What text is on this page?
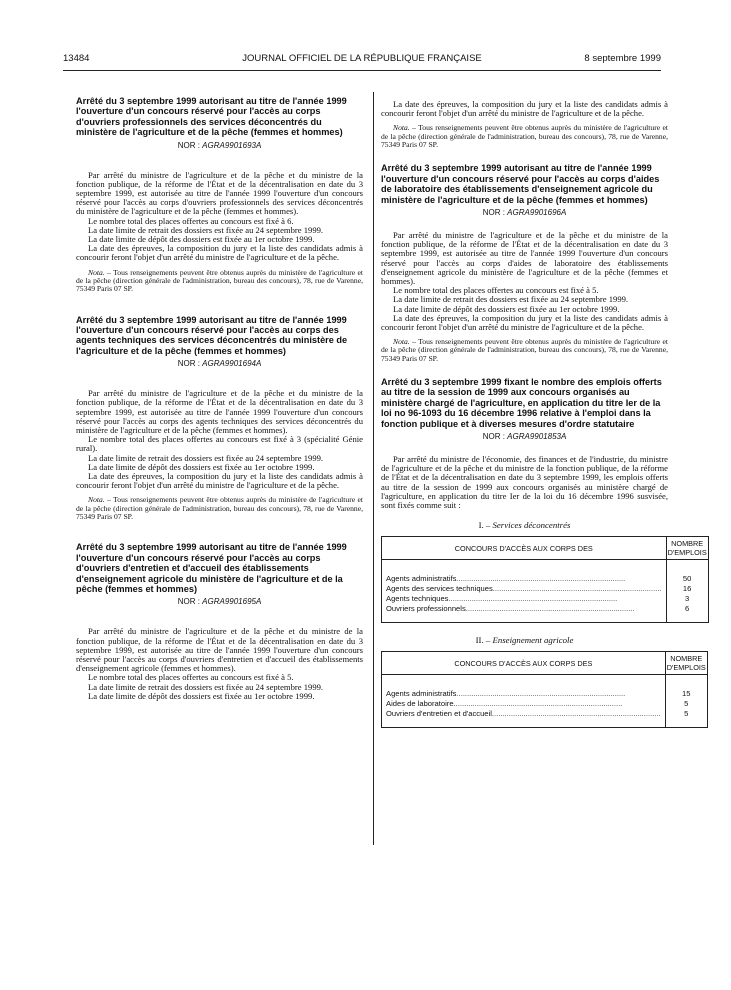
13484	JOURNAL OFFICIEL DE LA RÉPUBLIQUE FRANÇAISE	8 septembre 1999

Arrêté du 3 septembre 1999 autorisant au titre de l'année 1999 l'ouverture d'un concours réservé pour l'accès au corps d'ouvriers professionnels des services déconcentrés du ministère de l'agriculture et de la pêche (femmes et hommes)

NOR : AGRA9901693A

Par arrêté du ministre de l'agriculture et de la pêche et du ministre de la fonction publique, de la réforme de l'État et de la décentralisation en date du 3 septembre 1999, est autorisée au titre de l'année 1999 l'ouverture d'un concours réservé pour l'accès au corps d'ouvriers professionnels des services déconcentrés du ministère de l'agriculture et de la pêche (femmes et hommes).

Le nombre total des places offertes au concours est fixé à 6.

La date limite de retrait des dossiers est fixée au 24 septembre 1999.

La date limite de dépôt des dossiers est fixée au 1er octobre 1999.

La date des épreuves, la composition du jury et la liste des candidats admis à concourir feront l'objet d'un arrêté du ministre de l'agriculture et de la pêche.

Nota. – Tous renseignements peuvent être obtenus auprès du ministère de l'agriculture et de la pêche (direction générale de l'administration, bureau des concours), 78, rue de Varenne, 75349 Paris 07 SP.

Arrêté du 3 septembre 1999 autorisant au titre de l'année 1999 l'ouverture d'un concours réservé pour l'accès au corps des agents techniques des services déconcentrés du ministère de l'agriculture et de la pêche (femmes et hommes)

NOR : AGRA9901694A

Par arrêté du ministre de l'agriculture et de la pêche et du ministre de la fonction publique, de la réforme de l'État et de la décentralisation en date du 3 septembre 1999, est autorisée au titre de l'année 1999 l'ouverture d'un concours réservé pour l'accès au corps des agents techniques des services déconcentrés du ministère de l'agriculture et de la pêche (femmes et hommes).

Le nombre total des places offertes au concours est fixé à 3 (spécialité Génie rural).

La date limite de retrait des dossiers est fixée au 24 septembre 1999.

La date limite de dépôt des dossiers est fixée au 1er octobre 1999.

La date des épreuves, la composition du jury et la liste des candidats admis à concourir feront l'objet d'un arrêté du ministre de l'agriculture et de la pêche.

Nota. – Tous renseignements peuvent être obtenus auprès du ministère de l'agriculture et de la pêche (direction générale de l'administration, bureau des concours), 78, rue de Varenne, 75349 Paris 07 SP.

Arrêté du 3 septembre 1999 autorisant au titre de l'année 1999 l'ouverture d'un concours réservé pour l'accès au corps d'ouvriers d'entretien et d'accueil des établissements d'enseignement agricole du ministère de l'agriculture et de la pêche (femmes et hommes)

NOR : AGRA9901695A

Par arrêté du ministre de l'agriculture et de la pêche et du ministre de la fonction publique, de la réforme de l'État et de la décentralisation en date du 3 septembre 1999, est autorisée au titre de l'année 1999 l'ouverture d'un concours réservé pour l'accès au corps d'ouvriers d'entretien et d'accueil des établissements d'enseignement agricole (femmes et hommes).

Le nombre total des places offertes au concours est fixé à 5.

La date limite de retrait des dossiers est fixée au 24 septembre 1999.

La date limite de dépôt des dossiers est fixée au 1er octobre 1999.

La date des épreuves, la composition du jury et la liste des candidats admis à concourir feront l'objet d'un arrêté du ministre de l'agriculture et de la pêche.

Nota. – Tous renseignements peuvent être obtenus auprès du ministère de l'agriculture et de la pêche (direction générale de l'administration, bureau des concours), 78, rue de Varenne, 75349 Paris 07 SP.

Arrêté du 3 septembre 1999 autorisant au titre de l'année 1999 l'ouverture d'un concours réservé pour l'accès au corps d'aides de laboratoire des établissements d'enseignement agricole du ministère de l'agriculture et de la pêche (femmes et hommes)

NOR : AGRA9901696A

Par arrêté du ministre de l'agriculture et de la pêche et du ministre de la fonction publique, de la réforme de l'État et de la décentralisation en date du 3 septembre 1999, est autorisée au titre de l'année 1999 l'ouverture d'un concours réservé pour l'accès au corps d'aides de laboratoire des établissements d'enseignement agricole du ministère de l'agriculture et de la pêche (femmes et hommes).

Le nombre total des places offertes au concours est fixé à 5.

La date limite de retrait des dossiers est fixée au 24 septembre 1999.

La date limite de dépôt des dossiers est fixée au 1er octobre 1999.

La date des épreuves, la composition du jury et la liste des candidats admis à concourir feront l'objet d'un arrêté du ministre de l'agriculture et de la pêche.

Nota. – Tous renseignements peuvent être obtenus auprès du ministère de l'agriculture et de la pêche (direction générale de l'administration, bureau des concours), 78, rue de Varenne, 75349 Paris 07 SP.

Arrêté du 3 septembre 1999 fixant le nombre des emplois offerts au titre de la session de 1999 aux concours organisés au ministère chargé de l'agriculture, en application du titre Ier de la loi no 96-1093 du 16 décembre 1996 relative à l'emploi dans la fonction publique et à diverses mesures d'ordre statutaire

NOR : AGRA9901853A

Par arrêté du ministre de l'économie, des finances et de l'industrie, du ministre de l'agriculture et de la pêche et du ministre de la fonction publique, de la réforme de l'État et de la décentralisation en date du 3 septembre 1999, les emplois offerts au titre de la session de 1999 aux concours organisés au ministère chargé de l'agriculture, en application du titre Ier de la loi du 16 décembre 1996 susvisée, sont fixés comme suit :

I. – Services déconcentrés

CONCOURS D'ACCÈS AUX CORPS DES	NOMBRE D'EMPLOIS

Agents administratifs................................................................................	50
Agents des services techniques................................................................................	16
Agents techniques................................................................................	3
Ouvriers professionnels................................................................................	6

II. – Enseignement agricole

CONCOURS D'ACCÈS AUX CORPS DES	NOMBRE D'EMPLOIS

Agents administratifs................................................................................	15
Aides de laboratoire................................................................................	5
Ouvriers d'entretien et d'accueil................................................................................	5
